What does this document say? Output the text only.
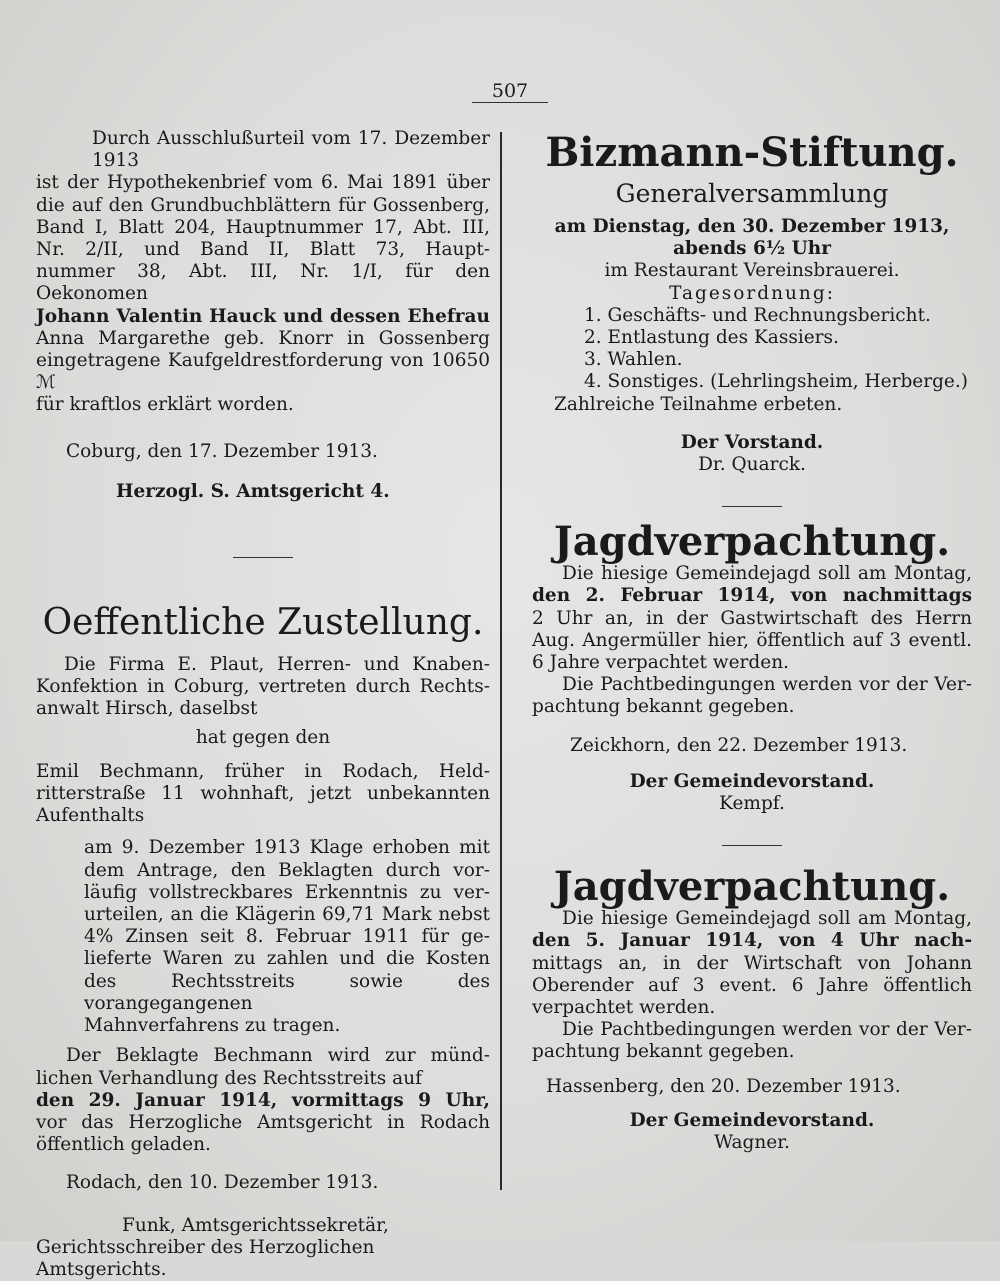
507

Durch Ausschlußurteil vom 17. Dezember 1913

ist der Hypothekenbrief vom 6. Mai 1891 über

die auf den Grundbuchblättern für Gossenberg,

Band I, Blatt 204, Hauptnummer 17, Abt. III,

Nr. 2/II, und Band II, Blatt 73, Haupt-

nummer 38, Abt. III, Nr. 1/I, für den Oekonomen

Johann Valentin Hauck und dessen Ehefrau

Anna Margarethe geb. Knorr in Gossenberg

eingetragene Kaufgeldrestforderung von 10650 ℳ

für kraftlos erklärt worden.

Coburg, den 17. Dezember 1913.

Herzogl. S. Amtsgericht 4.

Oeffentliche Zustellung.

Die Firma E. Plaut, Herren- und Knaben-

Konfektion in Coburg, vertreten durch Rechts-

anwalt Hirsch, daselbst

hat gegen den

Emil Bechmann, früher in Rodach, Held-

ritterstraße 11 wohnhaft, jetzt unbekannten

Aufenthalts

am 9. Dezember 1913 Klage erhoben mit

dem Antrage, den Beklagten durch vor-

läufig vollstreckbares Erkenntnis zu ver-

urteilen, an die Klägerin 69,71 Mark nebst

4% Zinsen seit 8. Februar 1911 für ge-

lieferte Waren zu zahlen und die Kosten

des Rechtsstreits sowie des vorangegangenen

Mahnverfahrens zu tragen.

Der Beklagte Bechmann wird zur münd-

lichen Verhandlung des Rechtsstreits auf

den 29. Januar 1914, vormittags 9 Uhr,

vor das Herzogliche Amtsgericht in Rodach

öffentlich geladen.

Rodach, den 10. Dezember 1913.

Funk, Amtsgerichtssekretär,

Gerichtsschreiber des Herzoglichen Amtsgerichts.

Bizmann-Stiftung.

Generalversammlung

am Dienstag, den 30. Dezember 1913,

abends 6½ Uhr

im Restaurant Vereinsbrauerei.

Tagesordnung:

1. Geschäfts- und Rechnungsbericht.

2. Entlastung des Kassiers.

3. Wahlen.

4. Sonstiges. (Lehrlingsheim, Herberge.)

Zahlreiche Teilnahme erbeten.

Der Vorstand.

Dr. Quarck.

Jagdverpachtung.

Die hiesige Gemeindejagd soll am Montag,

den 2. Februar 1914, von nachmittags

2 Uhr an, in der Gastwirtschaft des Herrn

Aug. Angermüller hier, öffentlich auf 3 eventl.

6 Jahre verpachtet werden.

Die Pachtbedingungen werden vor der Ver-

pachtung bekannt gegeben.

Zeickhorn, den 22. Dezember 1913.

Der Gemeindevorstand.

Kempf.

Jagdverpachtung.

Die hiesige Gemeindejagd soll am Montag,

den 5. Januar 1914, von 4 Uhr nach-

mittags an, in der Wirtschaft von Johann

Oberender auf 3 event. 6 Jahre öffentlich

verpachtet werden.

Die Pachtbedingungen werden vor der Ver-

pachtung bekannt gegeben.

Hassenberg, den 20. Dezember 1913.

Der Gemeindevorstand.

Wagner.
